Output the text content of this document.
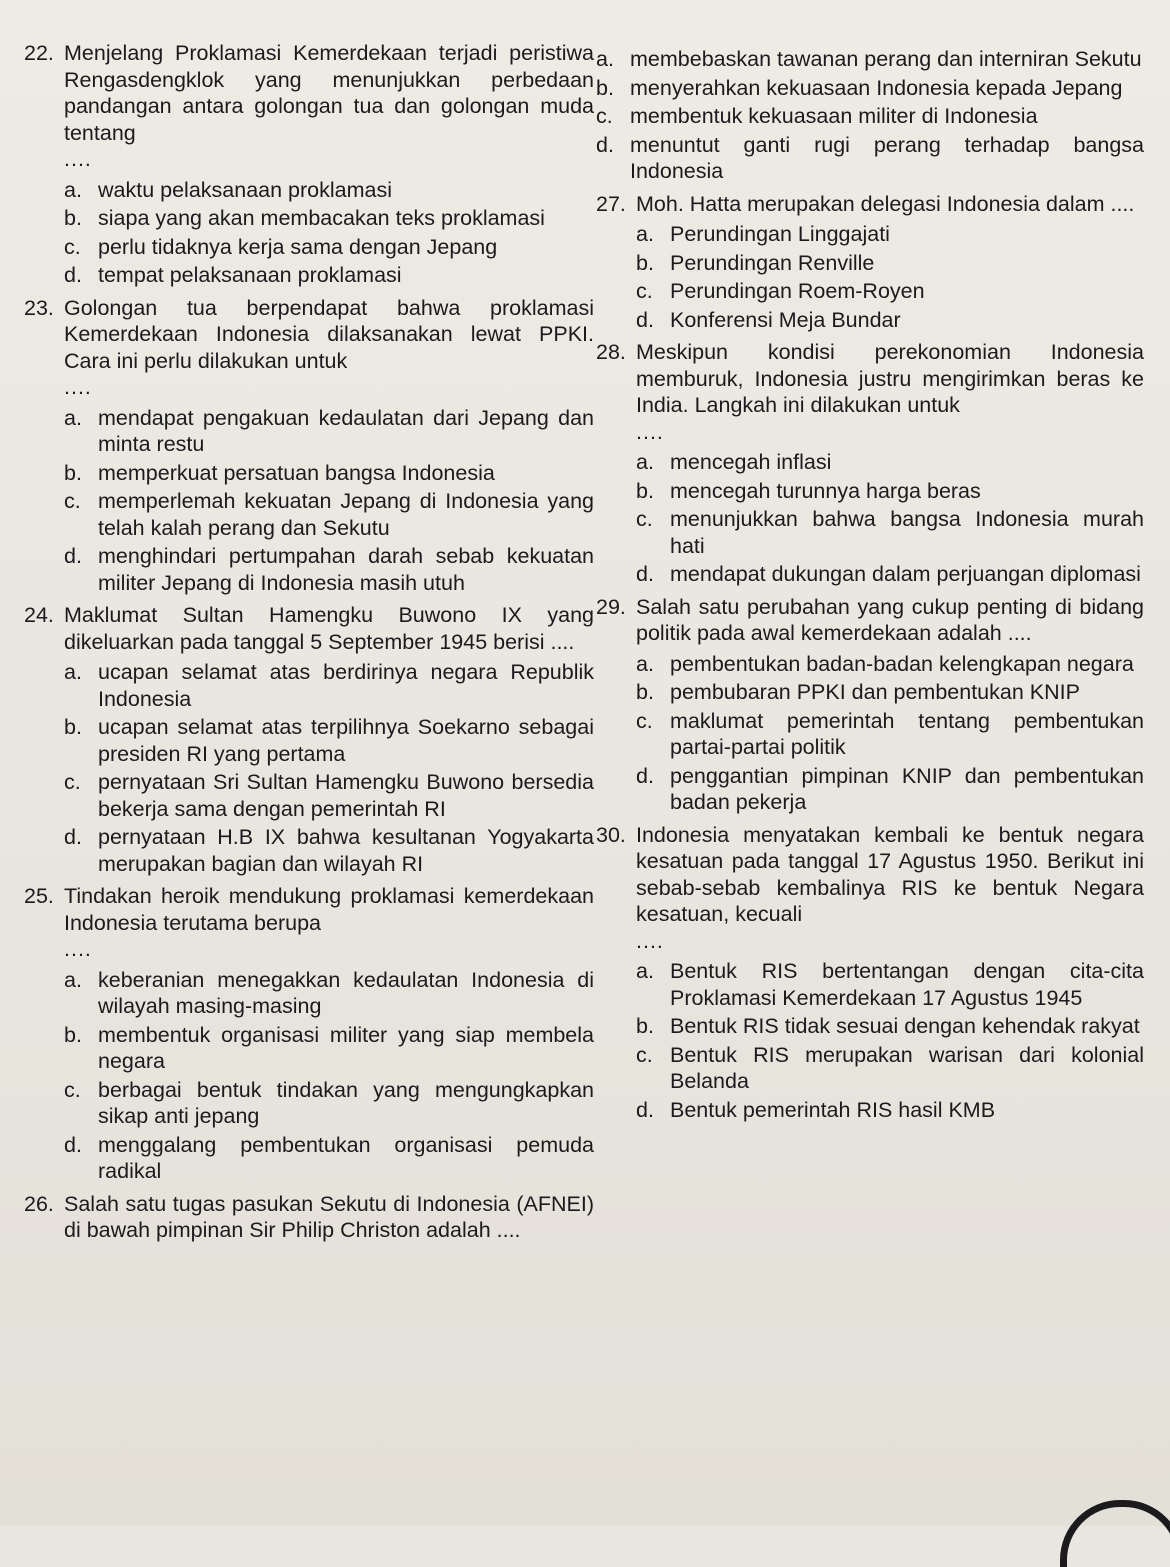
22. Menjelang Proklamasi Kemerdekaan terjadi peristiwa Rengasdengklok yang menunjukkan perbedaan pandangan antara golongan tua dan golongan muda tentang
....
a. waktu pelaksanaan proklamasi
b. siapa yang akan membacakan teks proklamasi
c. perlu tidaknya kerja sama dengan Jepang
d. tempat pelaksanaan proklamasi
23. Golongan tua berpendapat bahwa proklamasi Kemerdekaan Indonesia dilaksanakan lewat PPKI. Cara ini perlu dilakukan untuk
....
a. mendapat pengakuan kedaulatan dari Jepang dan minta restu
b. memperkuat persatuan bangsa Indonesia
c. memperlemah kekuatan Jepang di Indonesia yang telah kalah perang dan Sekutu
d. menghindari pertumpahan darah sebab kekuatan militer Jepang di Indonesia masih utuh
24. Maklumat Sultan Hamengku Buwono IX yang dikeluarkan pada tanggal 5 September 1945 berisi ....
a. ucapan selamat atas berdirinya negara Republik Indonesia
b. ucapan selamat atas terpilihnya Soekarno sebagai presiden RI yang pertama
c. pernyataan Sri Sultan Hamengku Buwono bersedia bekerja sama dengan pemerintah RI
d. pernyataan H.B IX bahwa kesultanan Yogyakarta merupakan bagian dan wilayah RI
25. Tindakan heroik mendukung proklamasi kemerdekaan Indonesia terutama berupa
....
a. keberanian menegakkan kedaulatan Indonesia di wilayah masing-masing
b. membentuk organisasi militer yang siap membela negara
c. berbagai bentuk tindakan yang mengungkapkan sikap anti jepang
d. menggalang pembentukan organisasi pemuda radikal
26. Salah satu tugas pasukan Sekutu di Indonesia (AFNEI) di bawah pimpinan Sir Philip Christon adalah ....
a. membebaskan tawanan perang dan interniran Sekutu
b. menyerahkan kekuasaan Indonesia kepada Jepang
c. membentuk kekuasaan militer di Indonesia
d. menuntut ganti rugi perang terhadap bangsa Indonesia
27. Moh. Hatta merupakan delegasi Indonesia dalam ....
a. Perundingan Linggajati
b. Perundingan Renville
c. Perundingan Roem-Royen
d. Konferensi Meja Bundar
28. Meskipun kondisi perekonomian Indonesia memburuk, Indonesia justru mengirimkan beras ke India. Langkah ini dilakukan untuk
....
a. mencegah inflasi
b. mencegah turunnya harga beras
c. menunjukkan bahwa bangsa Indonesia murah hati
d. mendapat dukungan dalam perjuangan diplomasi
29. Salah satu perubahan yang cukup penting di bidang politik pada awal kemerdekaan adalah ....
a. pembentukan badan-badan kelengkapan negara
b. pembubaran PPKI dan pembentukan KNIP
c. maklumat pemerintah tentang pembentukan partai-partai politik
d. penggantian pimpinan KNIP dan pembentukan badan pekerja
30. Indonesia menyatakan kembali ke bentuk negara kesatuan pada tanggal 17 Agustus 1950. Berikut ini sebab-sebab kembalinya RIS ke bentuk Negara kesatuan, kecuali
....
a. Bentuk RIS bertentangan dengan cita-cita Proklamasi Kemerdekaan 17 Agustus 1945
b. Bentuk RIS tidak sesuai dengan kehendak rakyat
c. Bentuk RIS merupakan warisan dari kolonial Belanda
d. Bentuk pemerintah RIS hasil KMB
